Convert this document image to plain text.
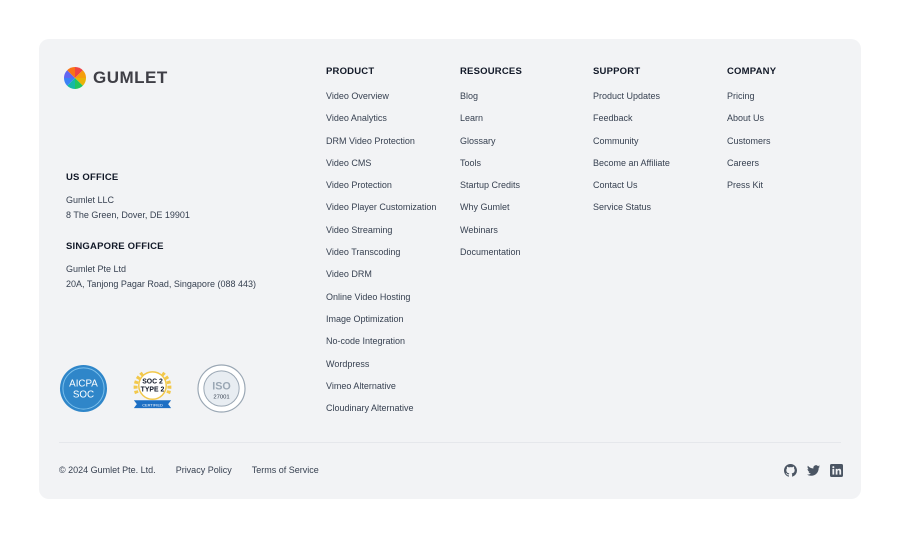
GUMLET
US OFFICE

Gumlet LLC

8 The Green, Dover, DE 19901

SINGAPORE OFFICE

Gumlet Pte Ltd

20A, Tanjong Pagar Road, Singapore (088 443)

AICPA
SOC
SOC 2
TYPE 2
CERTIFIED
ISO
27001
PRODUCT
Video Overview
Video Analytics
DRM Video Protection
Video CMS
Video Protection
Video Player Customization
Video Streaming
Video Transcoding
Video DRM
Online Video Hosting
Image Optimization
No-code Integration
Wordpress
Vimeo Alternative
Cloudinary Alternative
RESOURCES
Blog
Learn
Glossary
Tools
Startup Credits
Why Gumlet
Webinars
Documentation
SUPPORT
Product Updates
Feedback
Community
Become an Affiliate
Contact Us
Service Status
COMPANY
Pricing
About Us
Customers
Careers
Press Kit
© 2024 Gumlet Pte. Ltd. Privacy Policy Terms of Service
